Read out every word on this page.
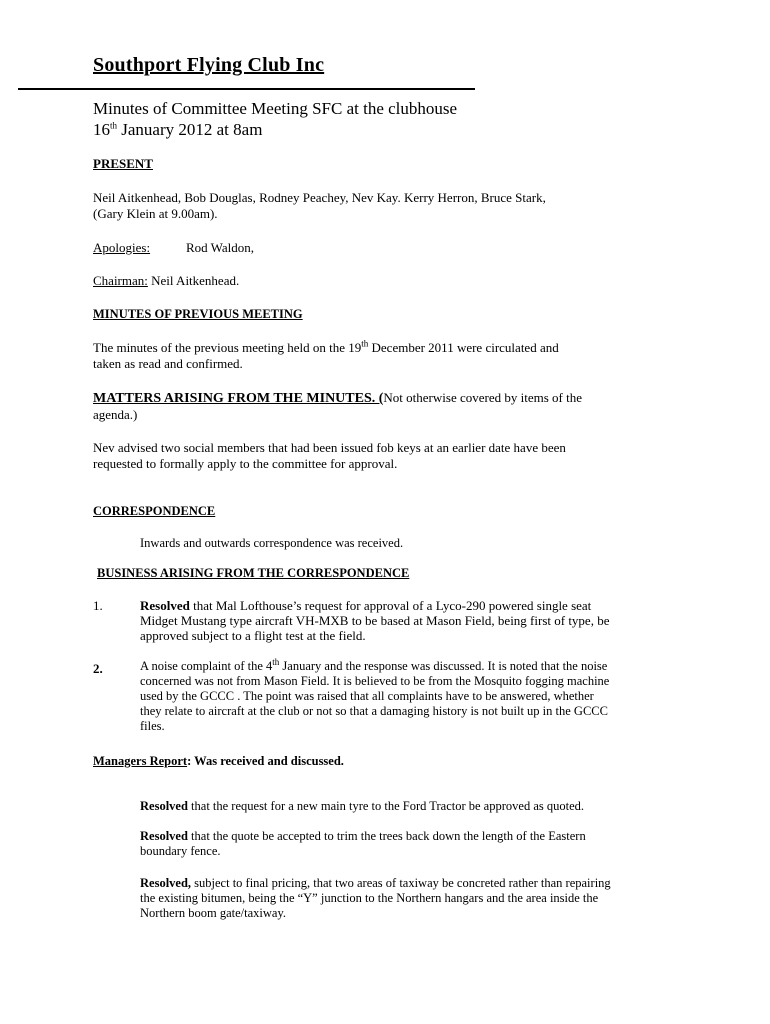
Southport Flying Club Inc
Minutes of Committee Meeting SFC at the clubhouse
16th January 2012 at 8am
PRESENT
Neil Aitkenhead, Bob Douglas, Rodney Peachey, Nev Kay. Kerry Herron, Bruce Stark,
(Gary Klein at 9.00am).
Apologies:	Rod Waldon,
Chairman: Neil Aitkenhead.
MINUTES OF PREVIOUS MEETING
The minutes of the previous meeting held on the 19th December 2011 were circulated and
taken as read and confirmed.
MATTERS ARISING FROM THE MINUTES. (Not otherwise covered by items of the
agenda.)
Nev advised two social members that had been issued fob keys at an earlier date have been
requested to formally apply to the committee for approval.
CORRESPONDENCE
Inwards and outwards correspondence was received.
BUSINESS ARISING FROM THE CORRESPONDENCE
1.	Resolved that Mal Lofthouse’s request for approval of a Lyco-290 powered single seat
Midget Mustang type aircraft VH-MXB to be based at Mason Field, being first of type, be
approved subject to a flight test at the field.
2.	A noise complaint of the 4th January and the response was discussed. It is noted that the noise
concerned was not from Mason Field. It is believed to be from the Mosquito fogging machine
used by the GCCC . The point was raised that all complaints have to be answered, whether
they relate to aircraft at the club or not so that a damaging history is not built up in the GCCC
files.
Managers Report: Was received and discussed.
Resolved that the request for a new main tyre to the Ford Tractor be approved as quoted.
Resolved that the quote be accepted to trim the trees back down the length of the Eastern
boundary fence.
Resolved, subject to final pricing, that two areas of taxiway be concreted rather than repairing
the existing bitumen, being the “Y” junction to the Northern hangars and the area inside the
Northern boom gate/taxiway.
